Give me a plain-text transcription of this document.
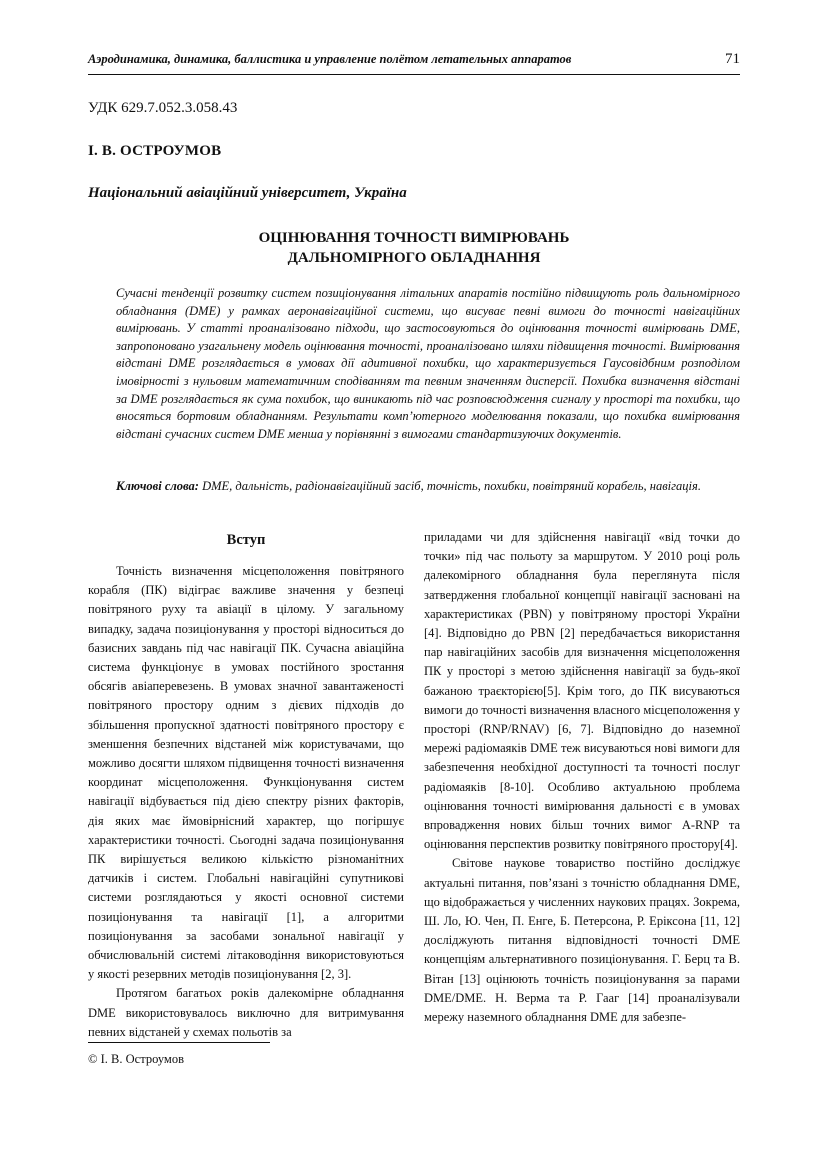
Аэродинамика, динамика, баллистика и управление полётом летательных аппаратов	71
УДК 629.7.052.3.058.43
І. В. ОСТРОУМОВ
Національний авіаційний університет, Україна
ОЦІНЮВАННЯ ТОЧНОСТІ ВИМІРЮВАНЬ
ДАЛЬНОМІРНОГО ОБЛАДНАННЯ

Сучасні тенденції розвитку систем позиціонування літальних апаратів постійно підвищують роль дальномірного обладнання (DME) у рамках аеронавігаційної системи, що висуває певні вимоги до точності навігаційних вимірювань. У статті проаналізовано підходи, що застосовуються до оцінювання точності вимірювань DME, запропоновано узагальнену модель оцінювання точності, проаналізовано шляхи підвищення точності. Вимірювання відстані DME розглядається в умовах дії адитивної похибки, що характеризується Гаусовідбним розподілом імовірності з нульовим математичним сподіванням та певним значенням дисперсії. Похибка визначення відстані за DME розглядається як сума похибок, що виникають під час розповсюдження сигналу у просторі та похибки, що вносяться бортовим обладнанням. Результати комп’ютерного моделювання показали, що похибка вимірювання відстані сучасних систем DME менша у порівнянні з вимогами стандартизуючих документів.

Ключові слова: DME, дальність, радіонавігаційний засіб, точність, похибки, повітряний корабель, навігація.

Вступ

Точність визначення місцеположення повітряного корабля (ПК) відіграє важливе значення у безпеці повітряного руху та авіації в цілому. У загальному випадку, задача позиціонування у просторі відноситься до базисних завдань під час навігації ПК. Сучасна авіаційна система функціонує в умовах постійного зростання обсягів авіаперевезень. В умовах значної завантаженості повітряного простору одним з дієвих підходів до збільшення пропускної здатності повітряного простору є зменшення безпечних відстаней між користувачами, що можливо досягти шляхом підвищення точності визначення координат місцеположення. Функціонування систем навігації відбувається під дією спектру різних факторів, дія яких має ймовірнісний характер, що погіршує характеристики точності. Сьогодні задача позиціонування ПК вирішується великою кількістю різноманітних датчиків і систем. Глобальні навігаційні супутникові системи розглядаються у якості основної системи позиціонування та навігації [1], а алгоритми позиціонування за засобами зональної навігації у обчислювальній системі літаководіння використовуються у якості резервних методів позиціонування [2, 3].

Протягом багатьох років далекомірне обладнання DME використовувалось виключно для витримування певних відстаней у схемах польотів за

приладами чи для здійснення навігації «від точки до точки» під час польоту за маршрутом. У 2010 році роль далекомірного обладнання була переглянута після затвердження глобальної концепції навігації засновані на характеристиках (PBN) у повітряному просторі України [4]. Відповідно до PBN [2] передбачається використання пар навігаційних засобів для визначення місцеположення ПК у просторі з метою здійснення навігації за будь-якої бажаною траєкторією[5]. Крім того, до ПК висуваються вимоги до точності визначення власного місцеположення у просторі (RNP/RNAV) [6, 7]. Відповідно до наземної мережі радіомаяків DME теж висуваються нові вимоги для забезпечення необхідної доступності та точності послуг радіомаяків [8-10]. Особливо актуальною проблема оцінювання точності вимірювання дальності є в умовах впровадження нових більш точних вимог A-RNP та оцінювання перспектив розвитку повітряного простору[4].

Світове наукове товариство постійно досліджує актуальні питання, пов’язані з точністю обладнання DME, що відображається у численних наукових працях. Зокрема, Ш. Ло, Ю. Чен, П. Енге, Б. Петерсона, Р. Еріксона [11, 12] досліджують питання відповідності точності DME концепціям альтернативного позиціонування. Г. Берц та В. Вітан [13] оцінюють точність позиціонування за парами DME/DME. Н. Верма та Р. Гааг [14] проаналізували мережу наземного обладнання DME для забезпе-

© І. В. Остроумов
